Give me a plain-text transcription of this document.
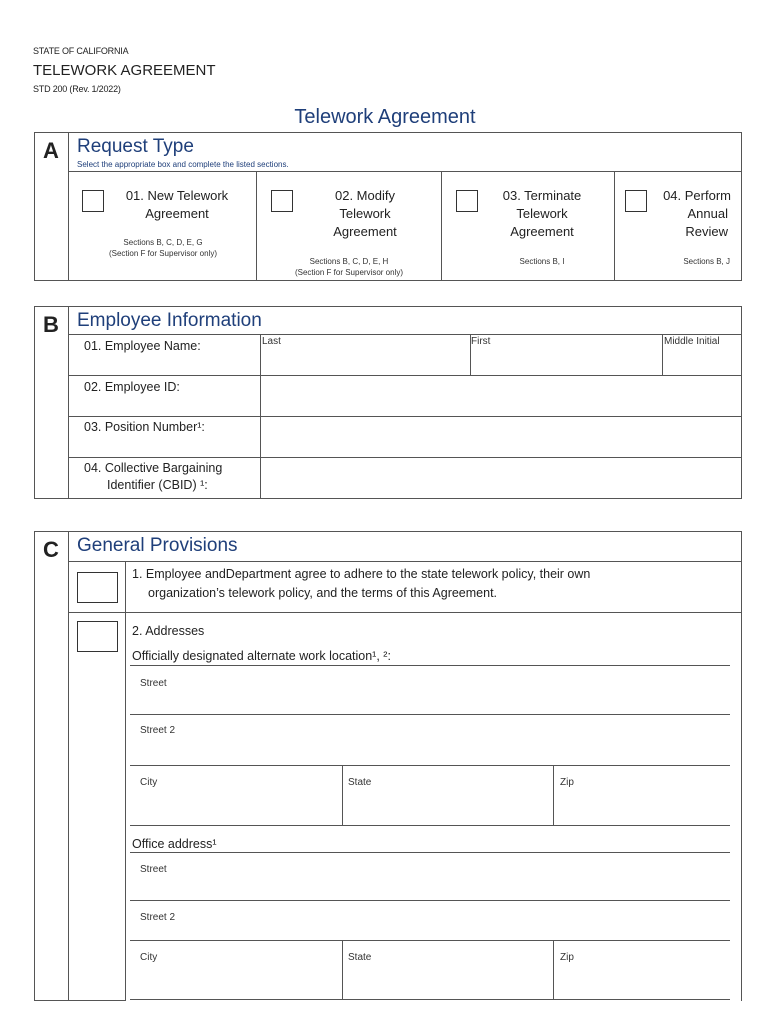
STATE OF CALIFORNIA
TELEWORK AGREEMENT
STD 200 (Rev. 1/2022)
Telework Agreement
A Request Type
Select the appropriate box and complete the listed sections.
01. New Telework
Agreement
Sections B, C, D, E, G
(Section F for Supervisor only)
02. Modify
Telework
Agreement
Sections B, C, D, E, H
(Section F for Supervisor only)
03. Terminate
Telework
Agreement
Sections B, I
04. Perform
Annual
Review
Sections B, J
B Employee Information
01. Employee Name:	Last	First	Middle Initial
02. Employee ID:
03. Position Number¹:
04. Collective Bargaining
Identifier (CBID) ¹:
C General Provisions
1. Employee andDepartment agree to adhere to the state telework policy, their own
organization’s telework policy, and the terms of this Agreement.
2. Addresses
Officially designated alternate work location¹, ²:
Street
Street 2
City	State	Zip
Office address¹
Street
Street 2
City	State	Zip
